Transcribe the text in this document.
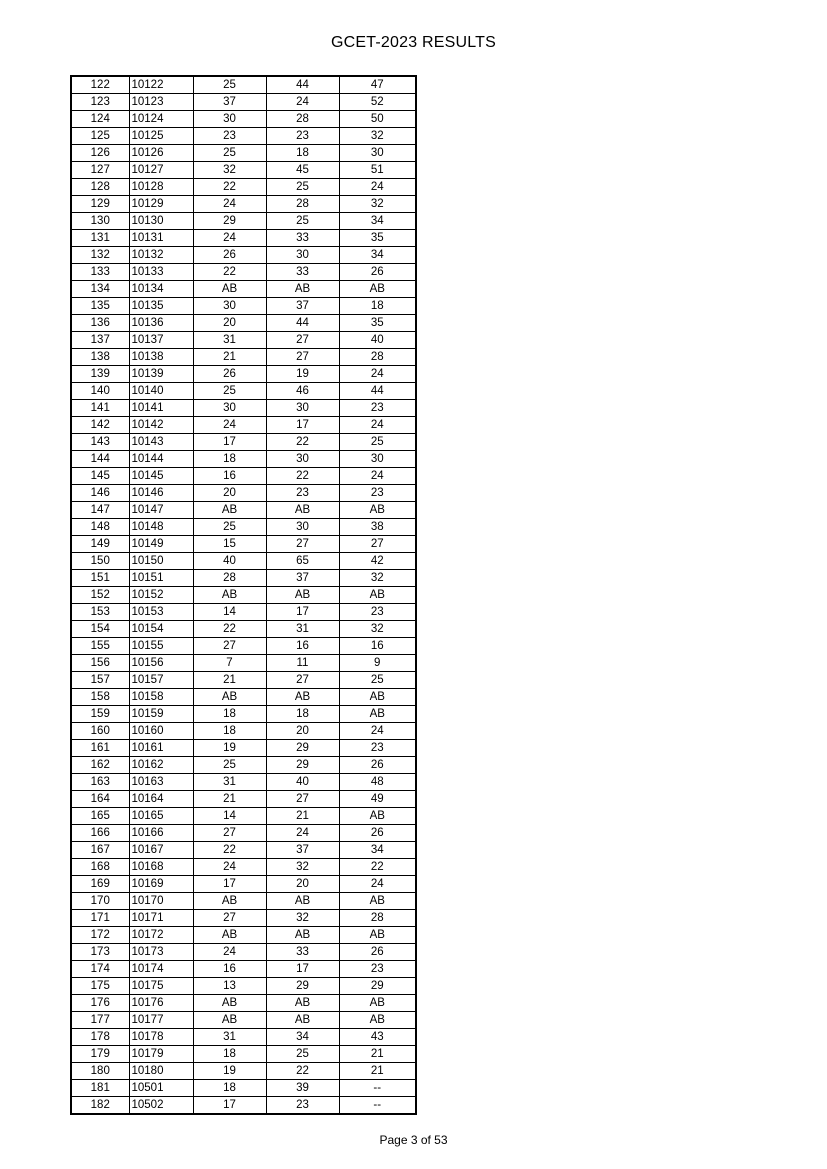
GCET-2023 RESULTS
122	10122	25	44	47
123	10123	37	24	52
124	10124	30	28	50
125	10125	23	23	32
126	10126	25	18	30
127	10127	32	45	51
128	10128	22	25	24
129	10129	24	28	32
130	10130	29	25	34
131	10131	24	33	35
132	10132	26	30	34
133	10133	22	33	26
134	10134	AB	AB	AB
135	10135	30	37	18
136	10136	20	44	35
137	10137	31	27	40
138	10138	21	27	28
139	10139	26	19	24
140	10140	25	46	44
141	10141	30	30	23
142	10142	24	17	24
143	10143	17	22	25
144	10144	18	30	30
145	10145	16	22	24
146	10146	20	23	23
147	10147	AB	AB	AB
148	10148	25	30	38
149	10149	15	27	27
150	10150	40	65	42
151	10151	28	37	32
152	10152	AB	AB	AB
153	10153	14	17	23
154	10154	22	31	32
155	10155	27	16	16
156	10156	7	11	9
157	10157	21	27	25
158	10158	AB	AB	AB
159	10159	18	18	AB
160	10160	18	20	24
161	10161	19	29	23
162	10162	25	29	26
163	10163	31	40	48
164	10164	21	27	49
165	10165	14	21	AB
166	10166	27	24	26
167	10167	22	37	34
168	10168	24	32	22
169	10169	17	20	24
170	10170	AB	AB	AB
171	10171	27	32	28
172	10172	AB	AB	AB
173	10173	24	33	26
174	10174	16	17	23
175	10175	13	29	29
176	10176	AB	AB	AB
177	10177	AB	AB	AB
178	10178	31	34	43
179	10179	18	25	21
180	10180	19	22	21
181	10501	18	39	--
182	10502	17	23	--
Page 3 of 53
